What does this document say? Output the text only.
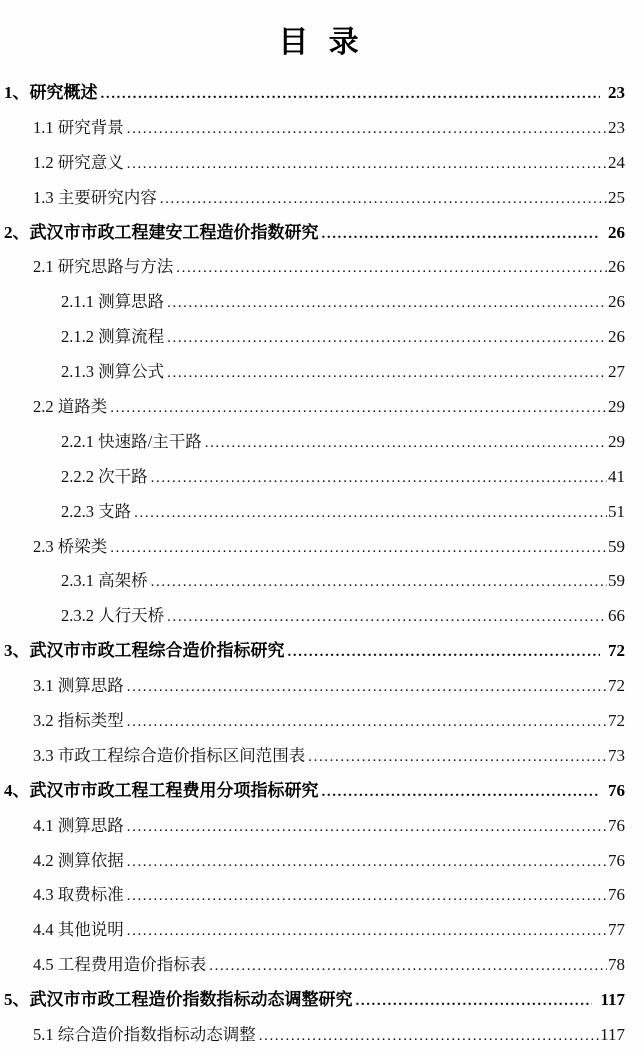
目 录
1、研究概述 .....	23
1.1 研究背景 .....	23
1.2 研究意义 .....	24
1.3 主要研究内容 .....	25
2、武汉市市政工程建安工程造价指数研究 .....	26
2.1 研究思路与方法 .....	26
2.1.1 测算思路 .....	26
2.1.2 测算流程 .....	26
2.1.3 测算公式 .....	27
2.2 道路类 .....	29
2.2.1 快速路/主干路 .....	29
2.2.2 次干路 .....	41
2.2.3 支路 .....	51
2.3 桥梁类 .....	59
2.3.1 高架桥 .....	59
2.3.2 人行天桥 .....	66
3、武汉市市政工程综合造价指标研究 .....	72
3.1 测算思路 .....	72
3.2 指标类型 .....	72
3.3 市政工程综合造价指标区间范围表 .....	73
4、武汉市市政工程工程费用分项指标研究 .....	76
4.1 测算思路 .....	76
4.2 测算依据 .....	76
4.3 取费标准 .....	76
4.4 其他说明 .....	77
4.5 工程费用造价指标表 .....	78
5、武汉市市政工程造价指数指标动态调整研究 .....	117
5.1 综合造价指数指标动态调整 .....	117
